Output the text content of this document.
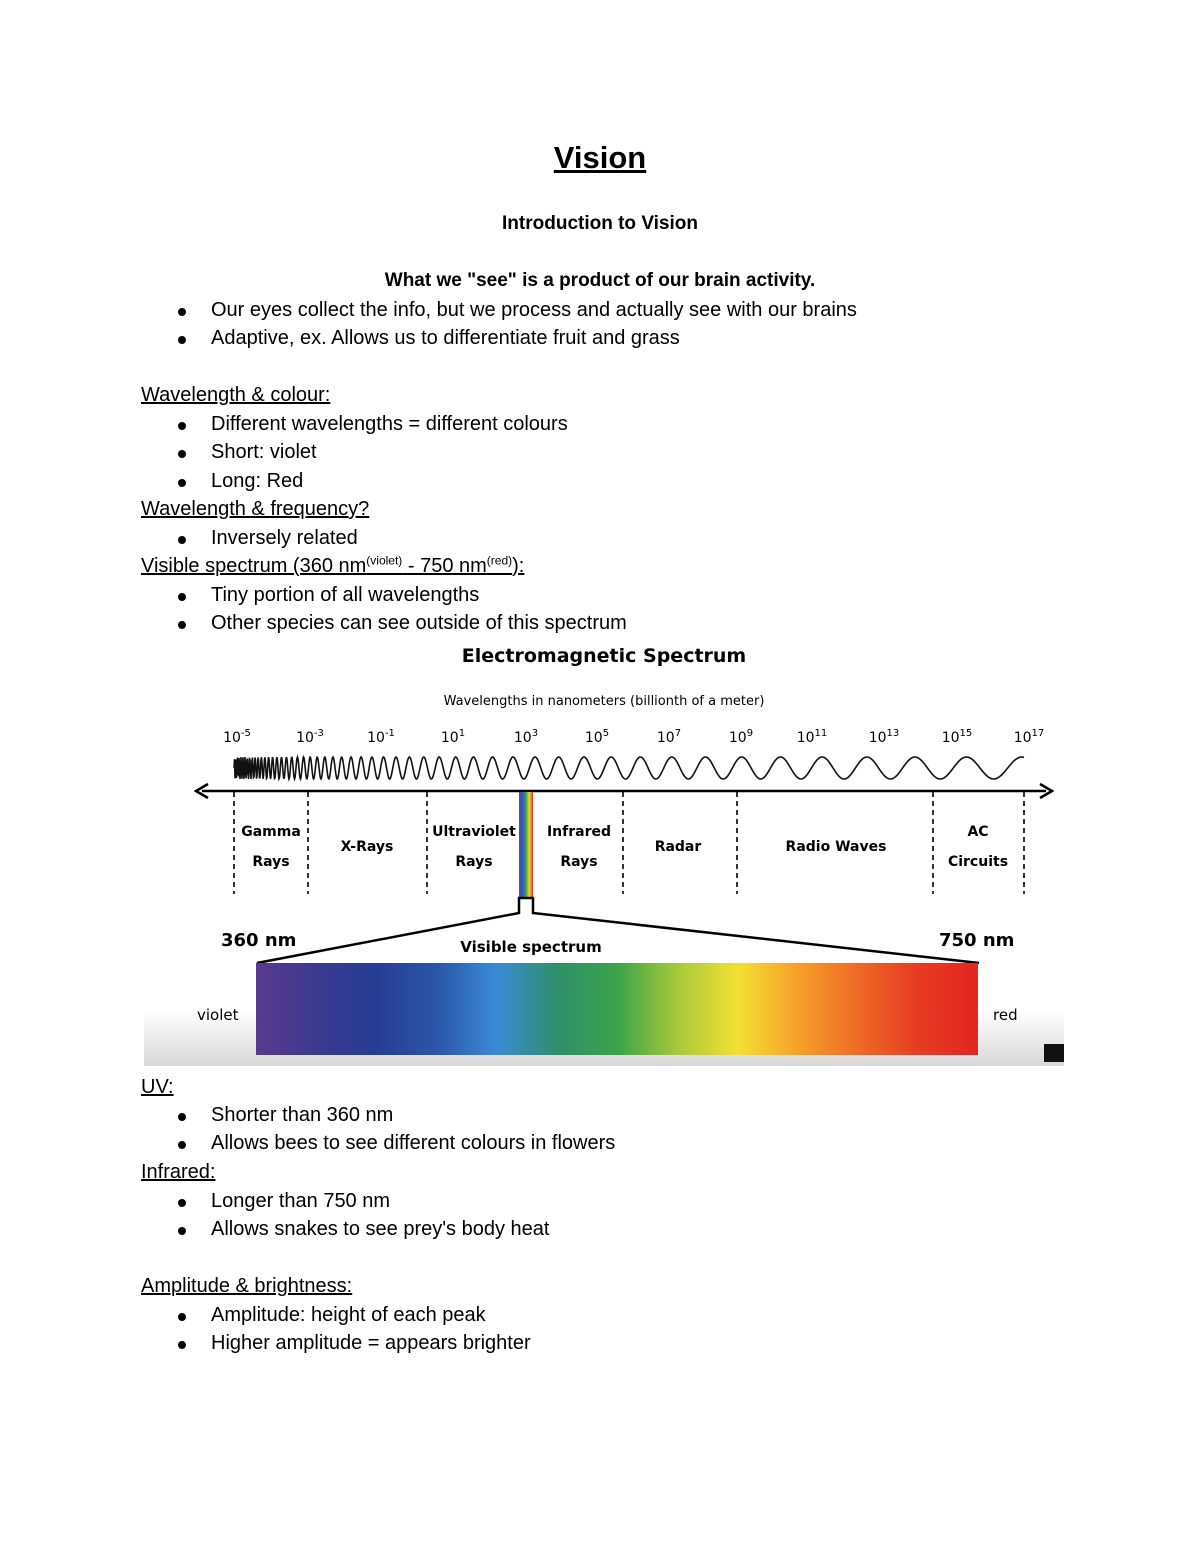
Vision
Introduction to Vision
What we "see" is a product of our brain activity.
Our eyes collect the info, but we process and actually see with our brains
Adaptive, ex. Allows us to differentiate fruit and grass
Wavelength & colour:
Different wavelengths = different colours
Short: violet
Long: Red
Wavelength & frequency?
Inversely related
Visible spectrum (360 $nm^{(violet)} - 750$ $nm^{(red)}$):
Tiny portion of all wavelengths
Other species can see outside of this spectrum
Electromagnetic Spectrum
Wavelengths in nanometers (billionth of a meter)
$10^{-5}$	$10^{-3}$	$10^{-1}$	$10^1$	$10^3$	$10^5$	$10^7$	$10^9$	$10^{11}$	$10^{13}$	$10^{15}$	$10^{17}$
Gamma
Rays
X-Rays
Ultraviolet
Rays
Infrared
Rays
Radar	Radio Waves
AC
Circuits
360 nm	750 nm
Visible spectrum
violet	red
UV:
Shorter than 360 nm
Allows bees to see different colours in flowers
Infrared:
Longer than 750 nm
Allows snakes to see prey's body heat
Amplitude & brightness:
Amplitude: height of each peak
Higher amplitude = appears brighter
